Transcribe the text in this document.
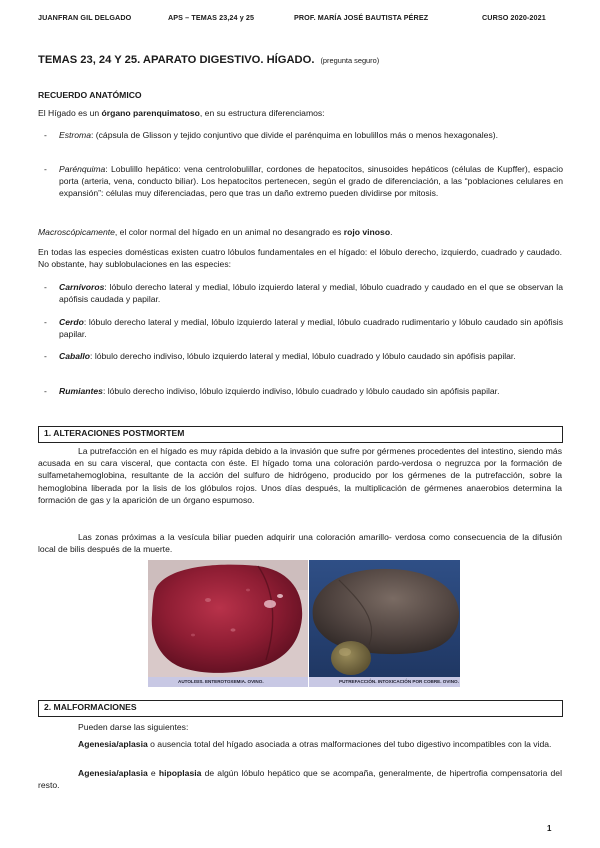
JUANFRAN GIL DELGADO	APS – TEMAS 23,24 y 25	PROF. MARÍA JOSÉ BAUTISTA PÉREZ	CURSO 2020-2021
TEMAS 23, 24 Y 25. APARATO DIGESTIVO. HÍGADO. (pregunta seguro)
RECUERDO ANATÓMICO
El Hígado es un órgano parenquimatoso, en su estructura diferenciamos:
- Estroma: (cápsula de Glisson y tejido conjuntivo que divide el parénquima en lobulillos más o menos hexagonales).
- Parénquima: Lobulillo hepático: vena centrolobulillar, cordones de hepatocitos, sinusoides hepáticos (células de Kupffer), espacio porta (arteria, vena, conducto biliar). Los hepatocitos pertenecen, según el grado de diferenciación, a las “poblaciones celulares en expansión”: células muy diferenciadas, pero que tras un daño extremo pueden dividirse por mitosis.
Macroscópicamente, el color normal del hígado en un animal no desangrado es rojo vinoso.
En todas las especies domésticas existen cuatro lóbulos fundamentales en el hígado: el lóbulo derecho, izquierdo, cuadrado y caudado. No obstante, hay sublobulaciones en las especies:
- Carnívoros: lóbulo derecho lateral y medial, lóbulo izquierdo lateral y medial, lóbulo cuadrado y caudado en el que se observan la apófisis caudada y papilar.
- Cerdo: lóbulo derecho lateral y medial, lóbulo izquierdo lateral y medial, lóbulo cuadrado rudimentario y lóbulo caudado sin apófisis papilar.
- Caballo: lóbulo derecho indiviso, lóbulo izquierdo lateral y medial, lóbulo cuadrado y lóbulo caudado sin apófisis papilar.
- Rumiantes: lóbulo derecho indiviso, lóbulo izquierdo indiviso, lóbulo cuadrado y lóbulo caudado sin apófisis papilar.
1. ALTERACIONES POSTMORTEM
La putrefacción en el hígado es muy rápida debido a la invasión que sufre por gérmenes procedentes del intestino, siendo más acusada en su cara visceral, que contacta con éste. El hígado toma una coloración pardo-verdosa o negruzca por la formación de sulfametahemoglobina, resultante de la acción del sulfuro de hidrógeno, producido por los gérmenes de la putrefacción, sobre la hemoglobina liberada por la lisis de los glóbulos rojos. Unos días después, la multiplicación de gérmenes anaerobios determina la formación de gas y la aparición de un órgano espumoso.
Las zonas próximas a la vesícula biliar pueden adquirir una coloración amarillo- verdosa como consecuencia de la difusión local de bilis después de la muerte.
AUTOLISIS. ENTEROTOXEMIA. OVINO.	PUTREFACCIÓN. INTOXICACIÓN POR COBRE. OVINO.
2. MALFORMACIONES
Pueden darse las siguientes:
Agenesia/aplasia o ausencia total del hígado asociada a otras malformaciones del tubo digestivo incompatibles con la vida.
Agenesia/aplasia e hipoplasia de algún lóbulo hepático que se acompaña, generalmente, de hipertrofia compensatoria del resto.
1
